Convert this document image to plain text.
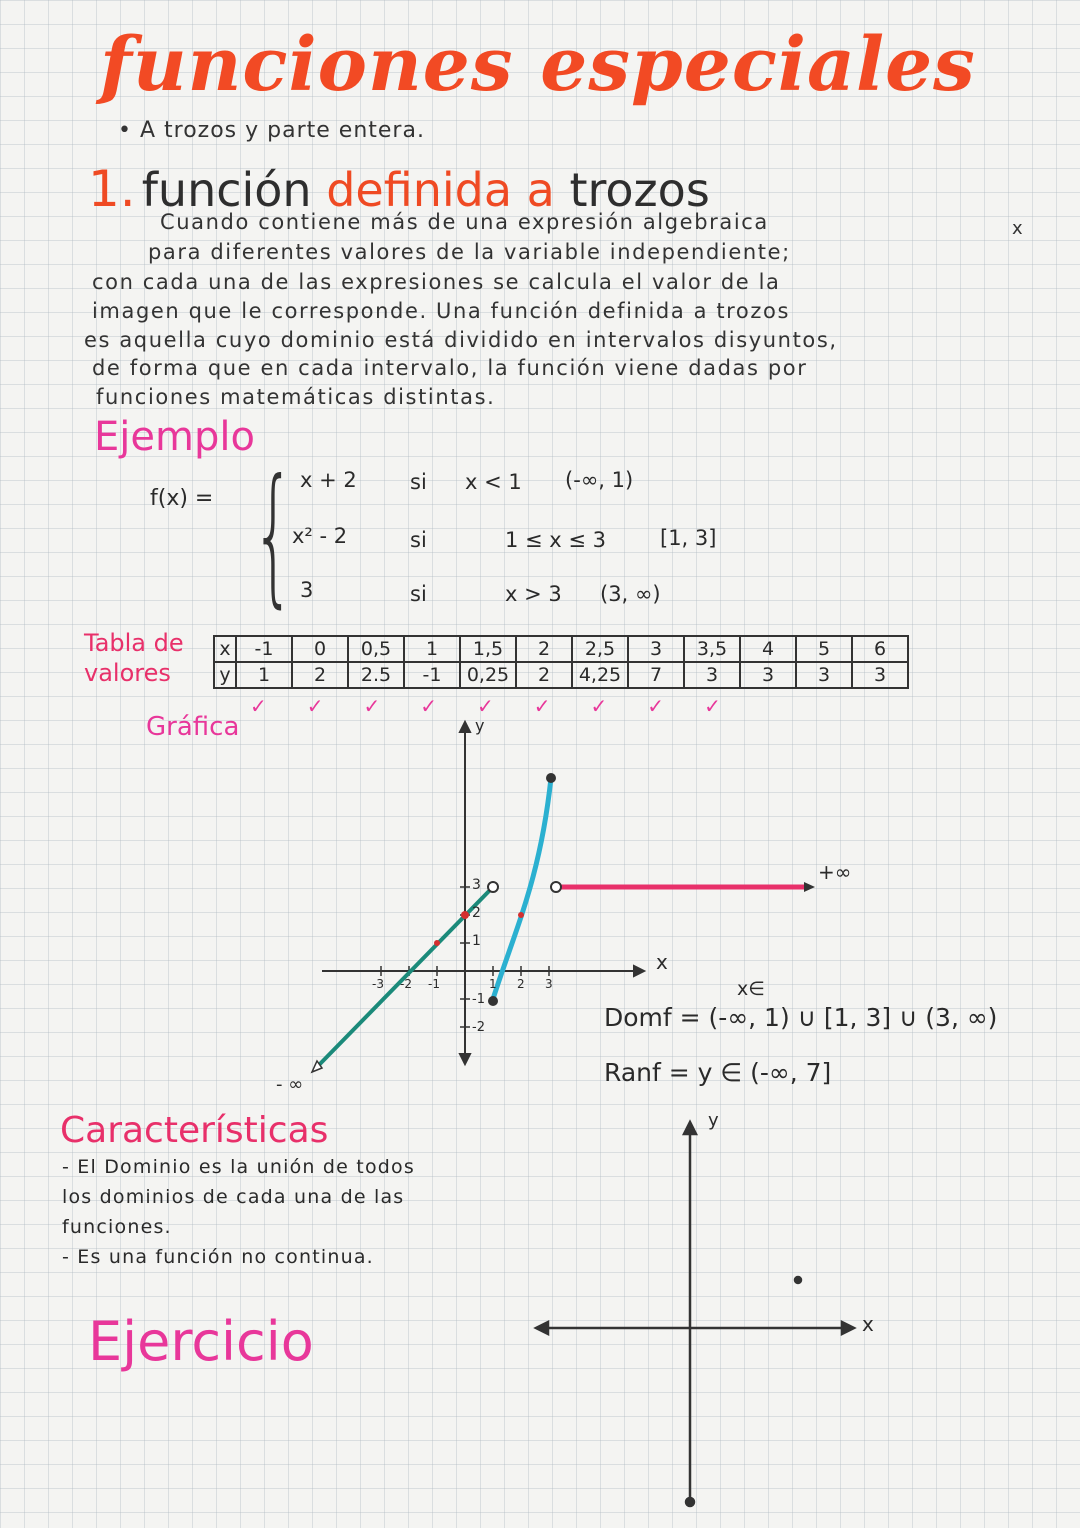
funciones especiales
• A trozos y parte entera.
1. función definida a trozos
Cuando contiene más de una expresión algebraica
para diferentes valores de la variable independiente;
con cada una de las expresiones se calcula el valor de la
imagen que le corresponde. Una función definida a trozos
es aquella cuyo dominio está dividido en intervalos disyuntos,
de forma que en cada intervalo, la función viene dadas por
funciones matemáticas distintas.
x
Ejemplo
f(x) = { x + 2	si x < 1 (-∞, 1)
x² - 2	si	1 ≤ x ≤ 3	[1, 3]
3	si	x > 3 (3, ∞)
Tabla de valores
x	-1	0	0,5	1	1,5	2	2,5	3	3,5	4	5	6
y	1	2	2.5	-1	0,25	2	4,25	7	3	3	3	3
✓✓✓✓✓✓✓✓✓
Gráfica	y
x
+∞
- ∞
3
2
1
-1
-2
-3 -2 -1	1 2 3	x∈
Domf = (-∞, 1) ∪ [1, 3] ∪ (3, ∞)
Ranf = y ∈ (-∞, 7]
Características
- El Dominio es la unión de todos los dominios de cada una de las funciones.
- Es una función no continua.
Ejercicio
y
x
